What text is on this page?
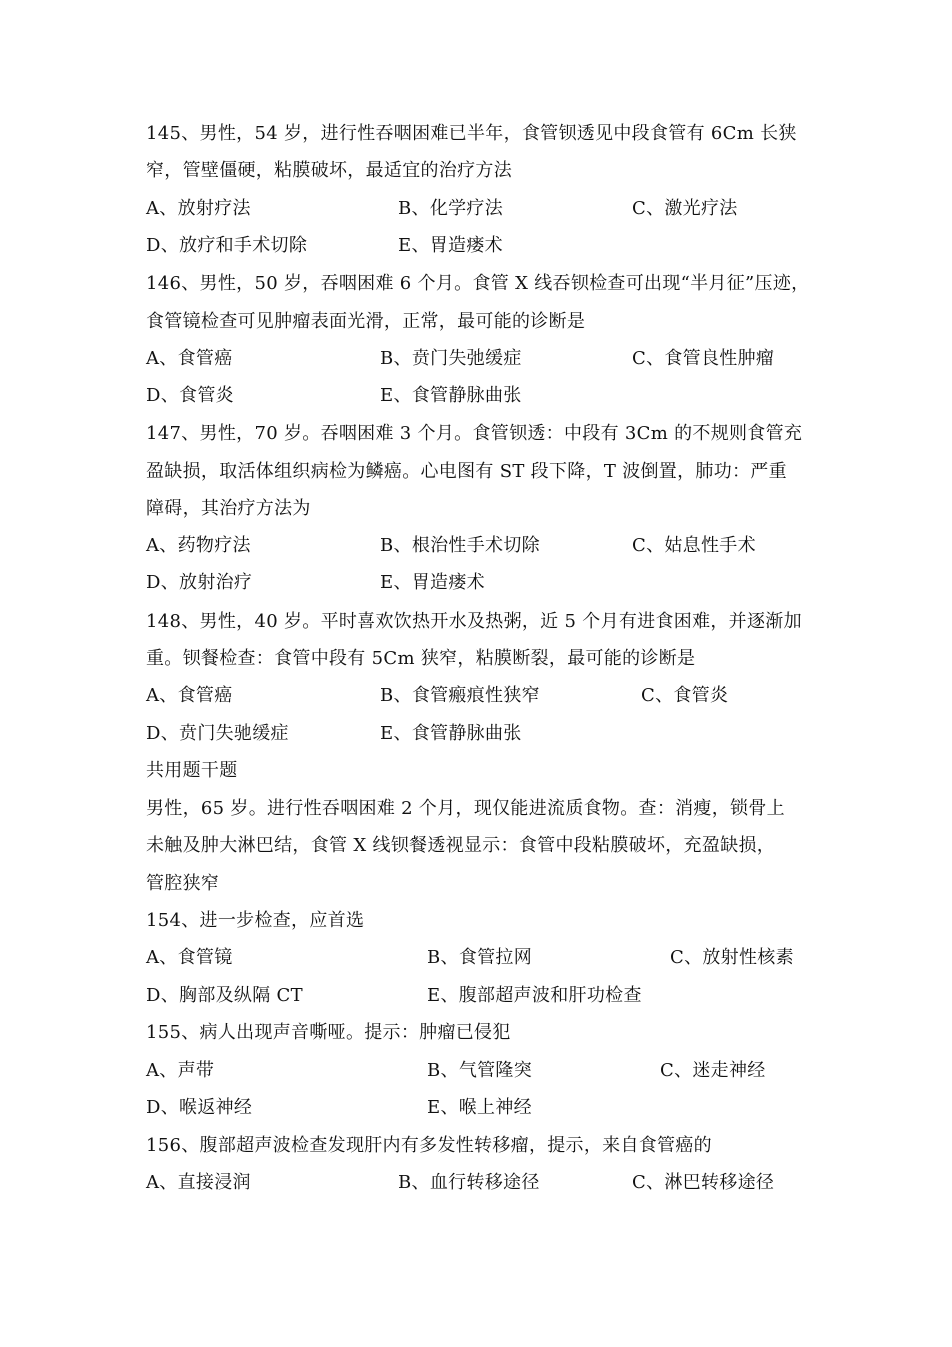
145、男性，54 岁，进行性吞咽困难已半年，食管钡透见中段食管有 6Cm 长狭
窄，管壁僵硬，粘膜破坏，最适宜的治疗方法
A、放射疗法	B、化学疗法	C、激光疗法
D、放疗和手术切除	E、胃造瘘术
146、男性，50 岁，吞咽困难 6 个月。食管 X 线吞钡检查可出现“半月征”压迹，
食管镜检查可见肿瘤表面光滑，正常，最可能的诊断是
A、食管癌	B、贲门失弛缓症	C、食管良性肿瘤
D、食管炎	E、食管静脉曲张
147、男性，70 岁。吞咽困难 3 个月。食管钡透：中段有 3Cm 的不规则食管充
盈缺损，取活体组织病检为鳞癌。心电图有 ST 段下降，T 波倒置，肺功：严重
障碍，其治疗方法为
A、药物疗法	B、根治性手术切除	C、姑息性手术
D、放射治疗	E、胃造瘘术
148、男性，40 岁。平时喜欢饮热开水及热粥，近 5 个月有进食困难，并逐渐加
重。钡餐检查：食管中段有 5Cm 狭窄，粘膜断裂，最可能的诊断是
A、食管癌	B、食管瘢痕性狭窄	C、食管炎
D、贲门失驰缓症	E、食管静脉曲张
共用题干题
男性，65 岁。进行性吞咽困难 2 个月，现仅能进流质食物。查：消瘦，锁骨上
未触及肿大淋巴结，食管 X 线钡餐透视显示：食管中段粘膜破坏，充盈缺损，
管腔狭窄
154、进一步检查，应首选
A、食管镜	B、食管拉网	C、放射性核素
D、胸部及纵隔 CT	E、腹部超声波和肝功检查
155、病人出现声音嘶哑。提示：肿瘤已侵犯
A、声带	B、气管隆突	C、迷走神经
D、喉返神经	E、喉上神经
156、腹部超声波检查发现肝内有多发性转移瘤，提示，来自食管癌的
A、直接浸润	B、血行转移途径	C、淋巴转移途径
